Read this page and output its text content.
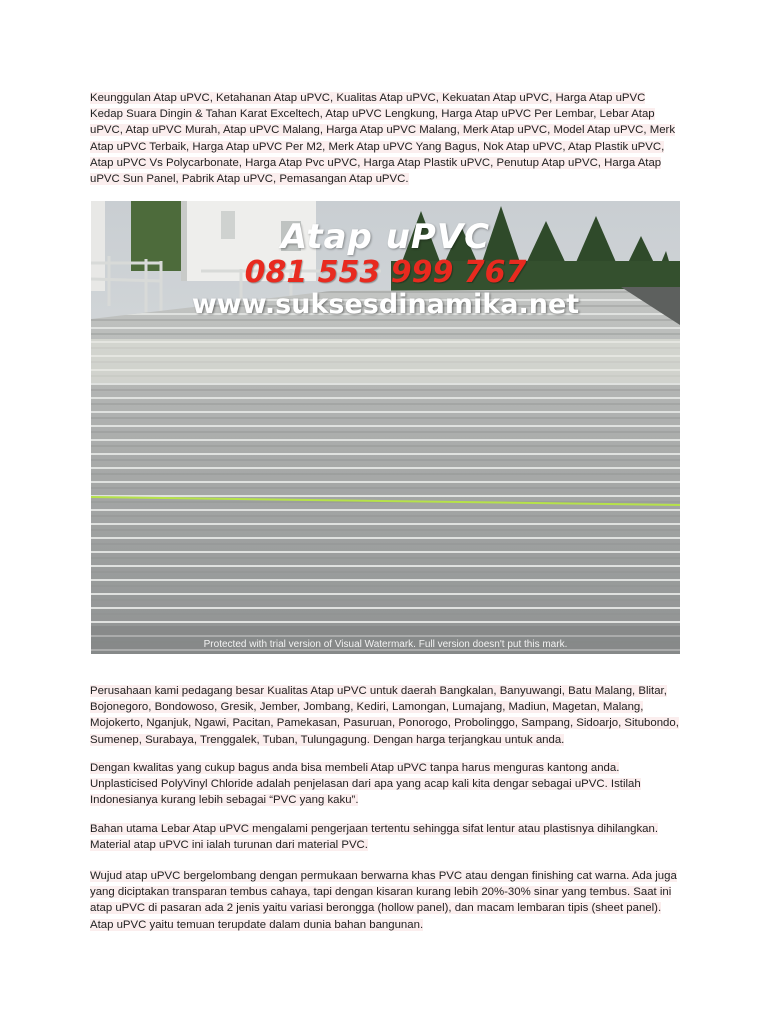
Keunggulan Atap uPVC, Ketahanan Atap uPVC, Kualitas Atap uPVC, Kekuatan Atap uPVC, Harga Atap uPVC Kedap Suara Dingin & Tahan Karat Exceltech, Atap uPVC Lengkung, Harga Atap uPVC Per Lembar, Lebar Atap uPVC, Atap uPVC Murah, Atap uPVC Malang, Harga Atap uPVC Malang, Merk Atap uPVC, Model Atap uPVC, Merk Atap uPVC Terbaik, Harga Atap uPVC Per M2, Merk Atap uPVC Yang Bagus, Nok Atap uPVC, Atap Plastik uPVC, Atap uPVC Vs Polycarbonate, Harga Atap Pvc uPVC, Harga Atap Plastik uPVC, Penutup Atap uPVC, Harga Atap uPVC Sun Panel, Pabrik Atap uPVC, Pemasangan Atap uPVC.

Atap uPVC
081 553 999 767
www.suksesdinamika.net
Protected with trial version of Visual Watermark. Full version doesn't put this mark.

Perusahaan kami pedagang besar Kualitas Atap uPVC untuk daerah Bangkalan, Banyuwangi, Batu Malang, Blitar, Bojonegoro, Bondowoso, Gresik, Jember, Jombang, Kediri, Lamongan, Lumajang, Madiun, Magetan, Malang, Mojokerto, Nganjuk, Ngawi, Pacitan, Pamekasan, Pasuruan, Ponorogo, Probolinggo, Sampang, Sidoarjo, Situbondo, Sumenep, Surabaya, Trenggalek, Tuban, Tulungagung. Dengan harga terjangkau untuk anda.

Dengan kwalitas yang cukup bagus anda bisa membeli Atap uPVC tanpa harus menguras kantong anda. Unplasticised PolyVinyl Chloride adalah penjelasan dari apa yang acap kali kita dengar sebagai uPVC. Istilah Indonesianya kurang lebih sebagai “PVC yang kaku”.

Bahan utama Lebar Atap uPVC mengalami pengerjaan tertentu sehingga sifat lentur atau plastisnya dihilangkan. Material atap uPVC ini ialah turunan dari material PVC.

Wujud atap uPVC bergelombang dengan permukaan berwarna khas PVC atau dengan finishing cat warna. Ada juga yang diciptakan transparan tembus cahaya, tapi dengan kisaran kurang lebih 20%-30% sinar yang tembus. Saat ini atap uPVC di pasaran ada 2 jenis yaitu variasi berongga (hollow panel), dan macam lembaran tipis (sheet panel). Atap uPVC yaitu temuan terupdate dalam dunia bahan bangunan.
